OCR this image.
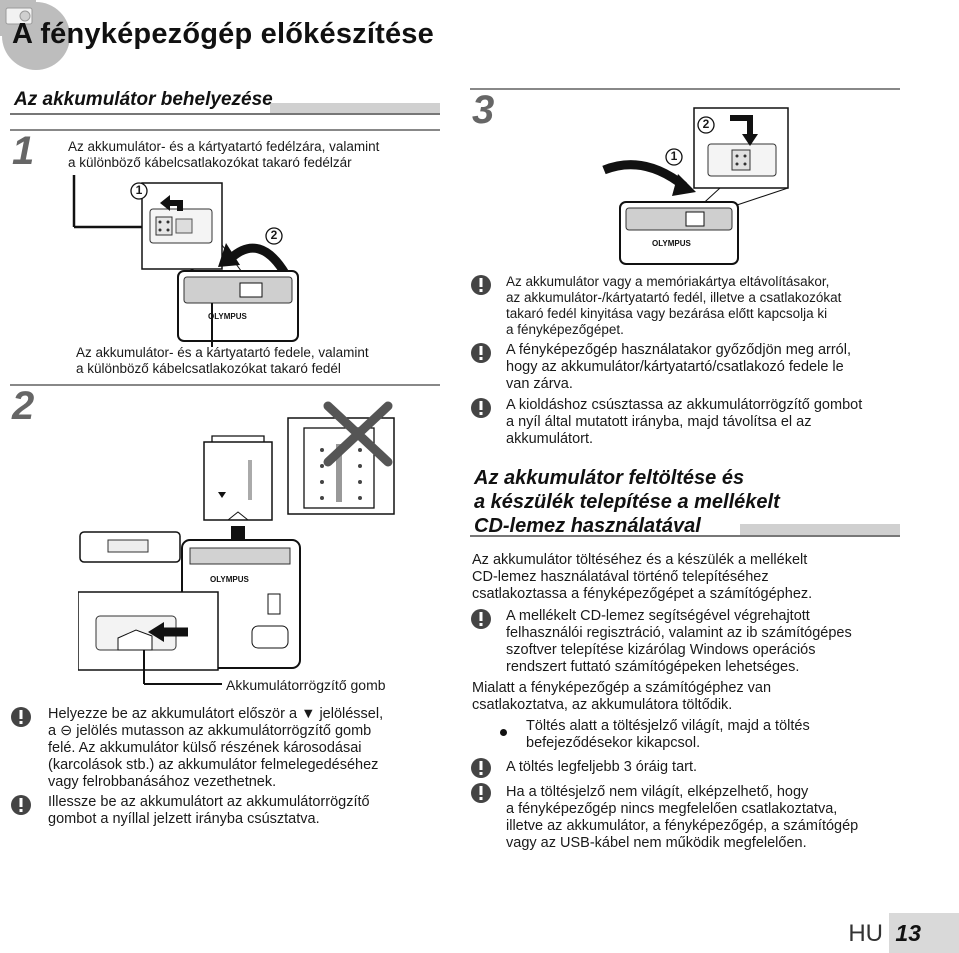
A fényképezőgép előkészítése
Az akkumulátor behelyezése
1	Az akkumulátor- és a kártyatartó fedélzára, valamint
a különböző kábelcsatlakozókat takaró fedélzár
OLYMPUS
1
2
Az akkumulátor- és a kártyatartó fedele, valamint
a különböző kábelcsatlakozókat takaró fedél
2
OLYMPUS
Akkumulátorrögzítő gomb
Helyezze be az akkumulátort először a ▼ jelöléssel,
a ⊖ jelölés mutasson az akkumulátorrögzítő gomb
felé. Az akkumulátor külső részének károsodásai
(karcolások stb.) az akkumulátor felmelegedéséhez
vagy felrobbanásához vezethetnek.
Illessze be az akkumulátort az akkumulátorrögzítő
gombot a nyíllal jelzett irányba csúsztatva.
3
OLYMPUS
1
2
Az akkumulátor vagy a memóriakártya eltávolításakor,
az akkumulátor-/kártyatartó fedél, illetve a csatlakozókat
takaró fedél kinyitása vagy bezárása előtt kapcsolja ki
a fényképezőgépet.
A fényképezőgép használatakor győződjön meg arról,
hogy az akkumulátor/kártyatartó/csatlakozó fedele le
van zárva.
A kioldáshoz csúsztassa az akkumulátorrögzítő gombot
a nyíl által mutatott irányba, majd távolítsa el az
akkumulátort.
Az akkumulátor feltöltése és
a készülék telepítése a mellékelt
CD-lemez használatával
Az akkumulátor töltéséhez és a készülék a mellékelt
CD-lemez használatával történő telepítéséhez
csatlakoztassa a fényképezőgépet a számítógéphez.
A mellékelt CD-lemez segítségével végrehajtott
felhasználói regisztráció, valamint az ib számítógépes
szoftver telepítése kizárólag Windows operációs
rendszert futtató számítógépeken lehetséges.
Mialatt a fényképezőgép a számítógéphez van
csatlakoztatva, az akkumulátora töltődik.
Töltés alatt a töltésjelző világít, majd a töltés
befejeződésekor kikapcsol.
A töltés legfeljebb 3 óráig tart.
Ha a töltésjelző nem világít, elképzelhető, hogy
a fényképezőgép nincs megfelelően csatlakoztatva,
illetve az akkumulátor, a fényképezőgép, a számítógép
vagy az USB-kábel nem működik megfelelően.
HU 13
